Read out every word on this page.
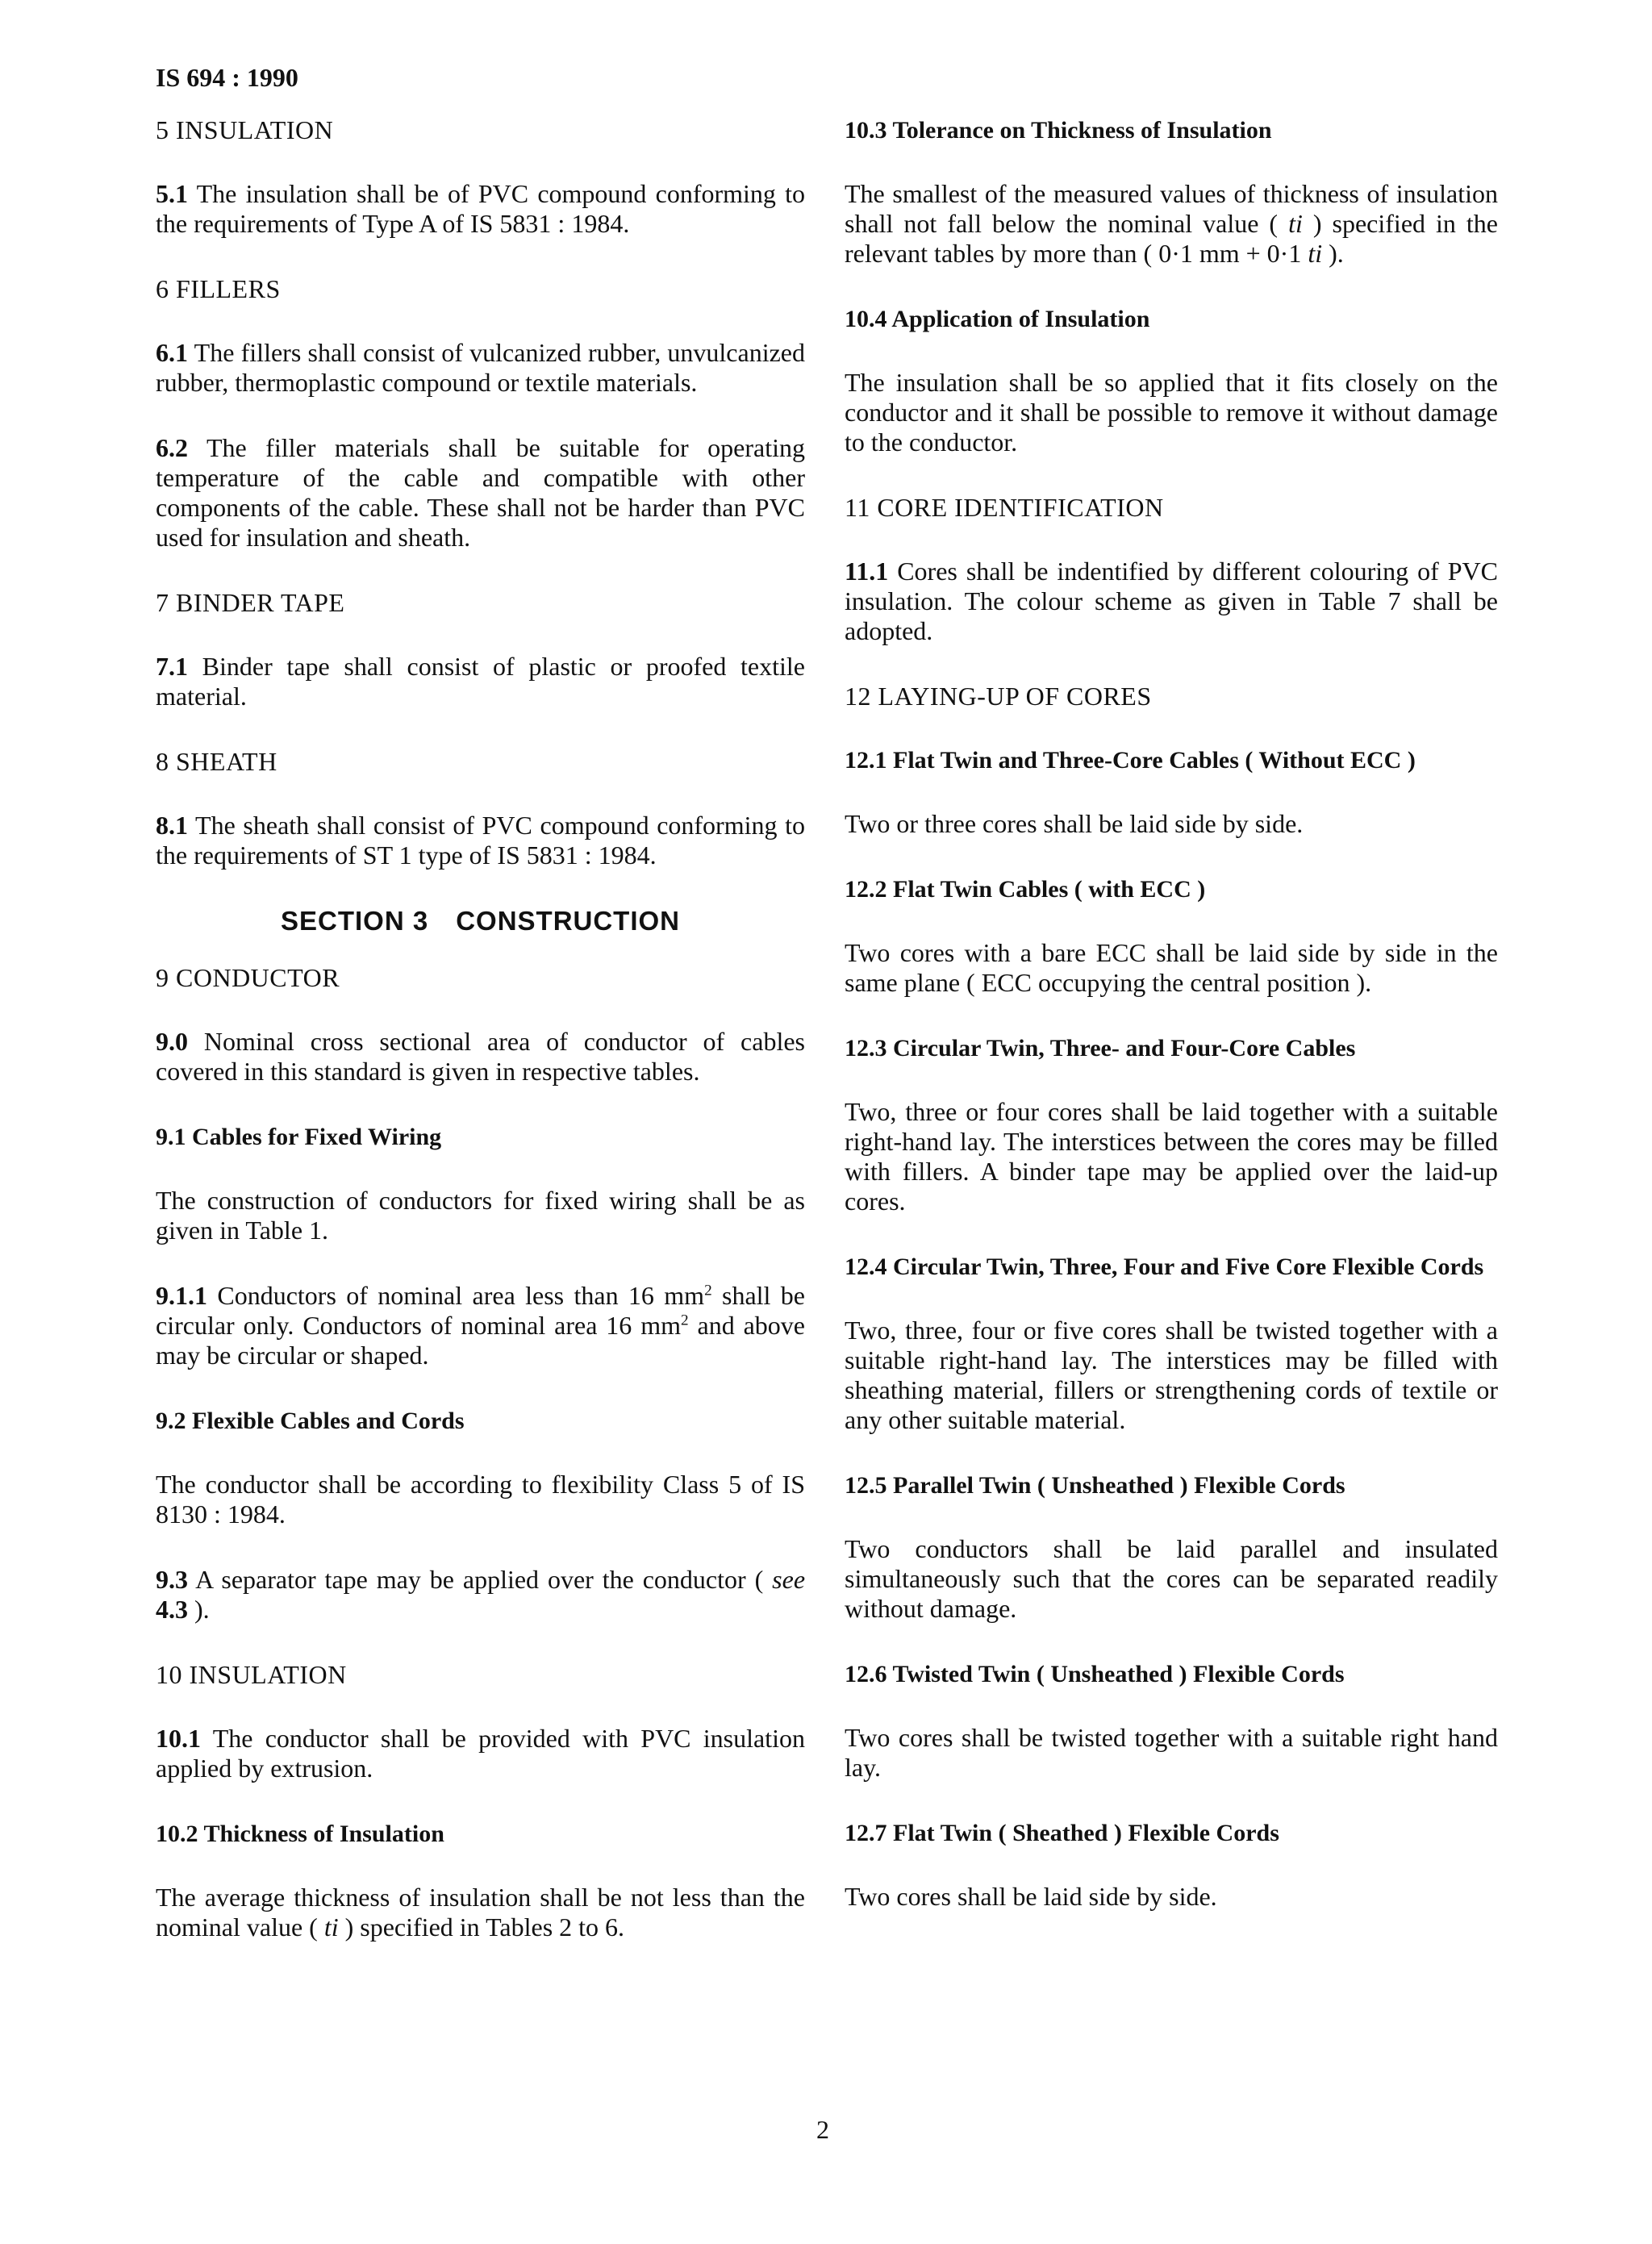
IS 694 : 1990
5 INSULATION
5.1 The insulation shall be of PVC compound conforming to the requirements of Type A of IS 5831 : 1984.
6 FILLERS
6.1 The fillers shall consist of vulcanized rubber, unvulcanized rubber, thermoplastic compound or textile materials.
6.2 The filler materials shall be suitable for operating temperature of the cable and compatible with other components of the cable. These shall not be harder than PVC used for insulation and sheath.
7 BINDER TAPE
7.1 Binder tape shall consist of plastic or proofed textile material.
8 SHEATH
8.1 The sheath shall consist of PVC compound conforming to the requirements of ST 1 type of IS 5831 : 1984.
SECTION 3 CONSTRUCTION
9 CONDUCTOR
9.0 Nominal cross sectional area of conductor of cables covered in this standard is given in respective tables.
9.1 Cables for Fixed Wiring
The construction of conductors for fixed wiring shall be as given in Table 1.
9.1.1 Conductors of nominal area less than 16 $mm^2$ shall be circular only. Conductors of nominal area 16 $mm^2$ and above may be circular or shaped.
9.2 Flexible Cables and Cords
The conductor shall be according to flexibility Class 5 of IS 8130 : 1984.
9.3 A separator tape may be applied over the conductor ( see 4.3 ).
10 INSULATION
10.1 The conductor shall be provided with PVC insulation applied by extrusion.
10.2 Thickness of Insulation
The average thickness of insulation shall be not less than the nominal value ( ti ) specified in Tables 2 to 6.
10.3 Tolerance on Thickness of Insulation
The smallest of the measured values of thickness of insulation shall not fall below the nominal value ( ti ) specified in the relevant tables by more than ( 0·1 mm + 0·1 ti ).
10.4 Application of Insulation
The insulation shall be so applied that it fits closely on the conductor and it shall be possible to remove it without damage to the conductor.
11 CORE IDENTIFICATION
11.1 Cores shall be indentified by different colouring of PVC insulation. The colour scheme as given in Table 7 shall be adopted.
12 LAYING-UP OF CORES
12.1 Flat Twin and Three-Core Cables ( Without ECC )
Two or three cores shall be laid side by side.
12.2 Flat Twin Cables ( with ECC )
Two cores with a bare ECC shall be laid side by side in the same plane ( ECC occupying the central position ).
12.3 Circular Twin, Three- and Four-Core Cables
Two, three or four cores shall be laid together with a suitable right-hand lay. The interstices between the cores may be filled with fillers. A binder tape may be applied over the laid-up cores.
12.4 Circular Twin, Three, Four and Five Core Flexible Cords
Two, three, four or five cores shall be twisted together with a suitable right-hand lay. The interstices may be filled with sheathing material, fillers or strengthening cords of textile or any other suitable material.
12.5 Parallel Twin ( Unsheathed ) Flexible Cords
Two conductors shall be laid parallel and insulated simultaneously such that the cores can be separated readily without damage.
12.6 Twisted Twin ( Unsheathed ) Flexible Cords
Two cores shall be twisted together with a suitable right hand lay.
12.7 Flat Twin ( Sheathed ) Flexible Cords
Two cores shall be laid side by side.
2
